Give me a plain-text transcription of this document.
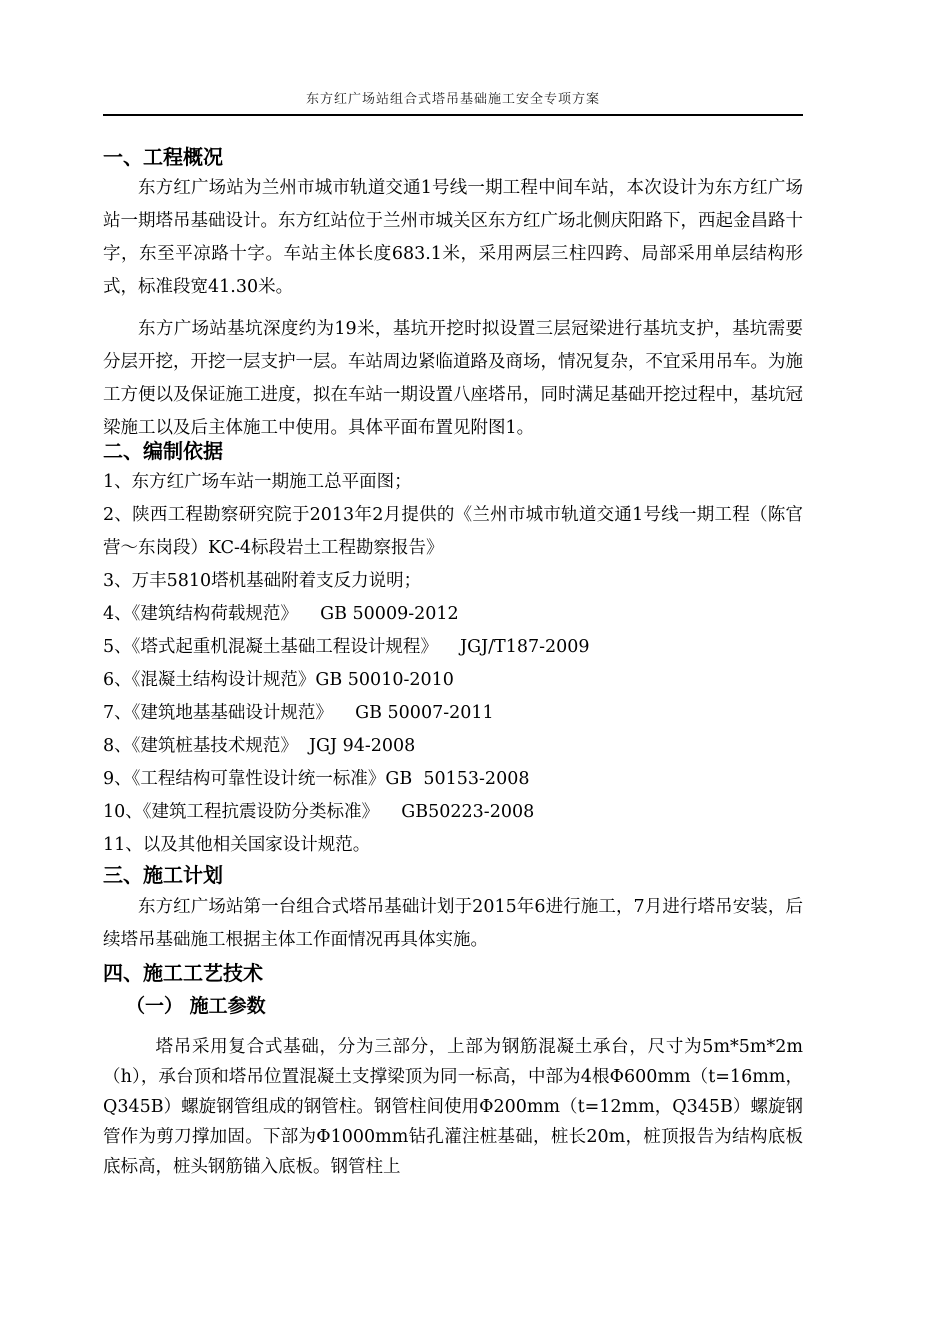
东方红广场站组合式塔吊基础施工安全专项方案
一、工程概况

东方红广场站为兰州市城市轨道交通1号线一期工程中间车站，本次设计为东方红广场站一期塔吊基础设计。东方红站位于兰州市城关区东方红广场北侧庆阳路下，西起金昌路十字，东至平凉路十字。车站主体长度683.1米，采用两层三柱四跨、局部采用单层结构形式，标准段宽41.30米。

东方广场站基坑深度约为19米，基坑开挖时拟设置三层冠梁进行基坑支护，基坑需要分层开挖，开挖一层支护一层。车站周边紧临道路及商场，情况复杂，不宜采用吊车。为施工方便以及保证施工进度，拟在车站一期设置八座塔吊，同时满足基础开挖过程中，基坑冠梁施工以及后主体施工中使用。具体平面布置见附图1。

二、编制依据
1、东方红广场车站一期施工总平面图；
2、陕西工程勘察研究院于2013年2月提供的《兰州市城市轨道交通1号线一期工程（陈官营～东岗段）KC-4标段岩土工程勘察报告》
3、万丰5810塔机基础附着支反力说明；
4、《建筑结构荷载规范》    GB 50009-2012
5、《塔式起重机混凝土基础工程设计规程》    JGJ/T187-2009
6、《混凝土结构设计规范》GB 50010-2010
7、《建筑地基基础设计规范》    GB 50007-2011
8、《建筑桩基技术规范》  JGJ 94-2008
9、《工程结构可靠性设计统一标准》GB  50153-2008
10、《建筑工程抗震设防分类标准》    GB50223-2008
11、以及其他相关国家设计规范。
三、施工计划

东方红广场站第一台组合式塔吊基础计划于2015年6进行施工，7月进行塔吊安装，后续塔吊基础施工根据主体工作面情况再具体实施。

四、施工工艺技术
（一） 施工参数

塔吊采用复合式基础，分为三部分，上部为钢筋混凝土承台，尺寸为5m*5m*2m（h），承台顶和塔吊位置混凝土支撑梁顶为同一标高，中部为4根Φ600mm（t=16mm，Q345B）螺旋钢管组成的钢管柱。钢管柱间使用Φ200mm（t=12mm，Q345B）螺旋钢管作为剪刀撑加固。下部为Φ1000mm钻孔灌注桩基础，桩长20m，桩顶报告为结构底板底标高，桩头钢筋锚入底板。钢管柱上
